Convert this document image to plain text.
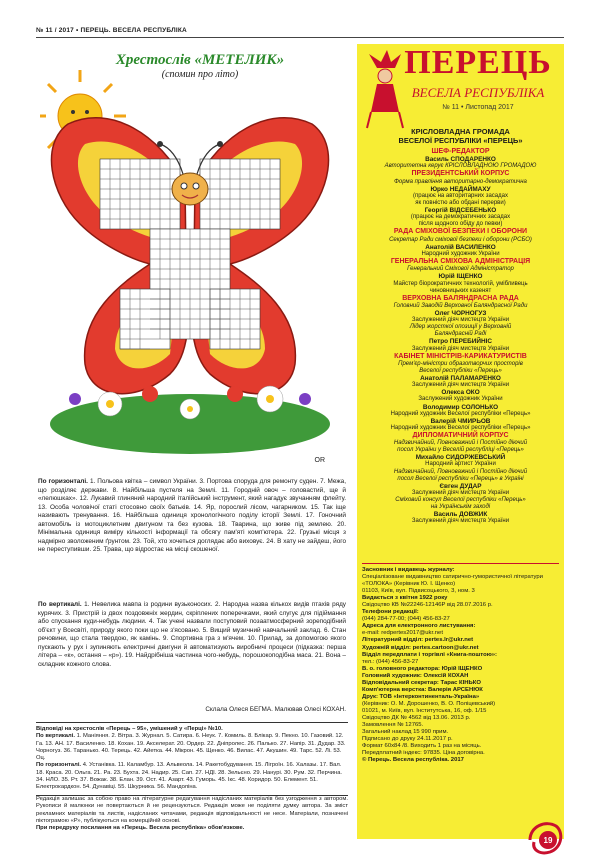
№ 11 / 2017 • ПЕРЕЦЬ. ВЕСЕЛА РЕСПУБЛІКА
OR
Хрестослів «МЕТЕЛИК»
(спомин про літо)
По горизонталі. 1. Польова квітка – символ України. 3. Портова споруда для ремонту суден. 7. Межа, що розділяє держави. 8. Найбільша пустеля на Землі. 11. Городній овоч – головастий, ще й «лелюшках». 12. Лукавий глиняний народний італійський інструмент, який нагадує звучанням флейту. 13. Особа чоловічої статі стосовно своїх батьків. 14. Яр, порослий лісом, чагарником. 15. Так іще називають тренування. 16. Найбільша одиниця хронологічного поділу історії Землі. 17. Гоночний автомобіль із мотоциклетним двигуном та без кузова. 18. Тварина, що живе під землею. 20. Мінімальна одиниця виміру кількості інформації та обсягу пам'яті комп'ютера. 22. Грузькі місця з надмірно зволоженим ґрунтом. 23. Той, хто хочеться доглядає або виховує. 24. В хату не зайдеш, його не переступивши. 25. Трава, що відростає на місці скошеної.
По вертикалі. 1. Невелика мавпа із родини вузьконосих. 2. Народна назва кількох видів птахів ряду курячих. 3. Пристрій із двох поздовжніх жердин, скріплених поперечками, який слугує для підіймання або спускання куди-небудь людини. 4. Так учені назвали поступовий позаатмосферний зореподібний об'єкт у Всесвіті, природу якого поки що не з'ясовано. 5. Вищий музичний навчальний заклад. 6. Стан речовини, що стала твердою, як камінь. 9. Спортивна гра з м'ячем. 10. Прилад, за допомогою якого пускають у рух і зупиняють електричні двигуни й автоматизують виробничі процеси (підказка: перша літера – «к», остання – «р»). 19. Найдрібніша частинка чого-небудь, порошокоподібна маса. 21. Вона – складник кожного слова.
Склала Олеся БЕГМА. Малював Олесі КОХАН.

Відповіді на хрестослів «Перець – 95», умішений у «Перці» №10.

По вертикалі. 1. Маніяння. 2. Вітра. 3. Журнал. 5. Сатира. 6. Неук. 7. Комиль. 8. Блікар. 9. Пекно. 10. Газовий. 12. Га. 13. АН. 17. Василенко. 18. Кохан. 19. Акселерат. 20. Ордер. 22. Дніпролес. 26. Палько. 27. Напір. 31. Дудар. 33. Чорногуз. 36. Таранько. 40. Терець. 42. Айетка. 44. Мікрон. 45. Щенко. 46. Вилас. 47. Акушин. 49. Тарс. 52. Лі. 53. Оц.

По горизонталі. 4. Устанівка. 11. Каламбур. 13. Альвеола. 14. Ракетобудування. 15. Лігроїн. 16. Халазы. 17. Вал. 18. Краса. 20. Ольга. 21. Ра. 23. Бухта. 24. Надир. 25. Сап. 27. НДІ. 28. Зельєно. 29. Нанурі. 30. Рум. 32. Перчина. 34. НЛО. 35. Рт. 37. Вожак. 38. Елан. 39. Ост. 41. Азарт. 43. Гуморь. 45. Ікс. 48. Коридор. 50. Елемент. 51. Електрокардкон. 54. Дунавіці. 55. Шкурника. 56. Мандоліна.

Редакція залишає за собою право на літературне редагування надісланих матеріалів без узгодження з автором. Рукописи й малюнки не повертаються й не рецензуються. Редакція може не поділяти думку автора. За зміст рекламних матеріалів та листів, надісланих читачами, редакція відповідальності не несе. Матеріали, позначені піктограмою «Р», публікуються на комерційній основі.

При передруку посилання на «Перець. Весела республіка» обов'язкове.

ПЕРЕЦЬ
ВЕСЕЛА РЕСПУБЛІКА
№ 11 • Листопад 2017
КРІСЛОВЛАДНА ГРОМАДА
ВЕСЕЛОЇ РЕСПУБЛІКИ «ПЕРЕЦЬ»

ШЕФ-РЕДАКТОР

Василь СПОДАРЕНКО

Авторитетна керує КРІСЛОВЛАДНОЮ ГРОМАДОЮ

ПРЕЗИДЕНТСЬКИЙ КОРПУС

Форма правління авторитарно-демократична

Юрко НЕДАЙМАХУ

(працює на авторитарних засадах
як повністю або обдані перерви)

Георгій ВІДСЕБЕНЬКО

(працює на демократичних засадах
після щодного обіду до певки)

РАДА СМІХОВОЇ БЕЗПЕКИ І ОБОРОНИ

Секретар Ради сміхової безпеки і оборони (РСБО)

Анатолій ВАСИЛЕНКО

Народний художник України

ГЕНЕРАЛЬНА СМІХОВА АДМІНІСТРАЦІЯ

Генеральний Сміхової Адміністратор

Юрій ІЩЕНКО

Майстер біорократичних технологій, умібливець
чиновницьких казенят

ВЕРХОВНА БАЛЯНДРАСНА РАДА

Головний Заводій Верховної Баляндрасної Ради

Олег ЧОРНОГУЗ

Заслужений діяч мистецтв України

Лідер жорсткої опозиції у Верховній
Баляндрасній Раді

Петро ПЕРЕБИЙНІС

Заслужений діяч мистецтв України

КАБІНЕТ МІНІСТРІВ-КАРИКАТУРИСТІВ

Прем'єр-міністри образотворчих просторів
Веселої республіки «Перець»

Анатолій ПАЛАМАРЕНКО

Заслужений діяч мистецтв України

Олекса ОКО

Заслужений художник України

Володимир СОЛОНЬКО

Народний художник Веселої республіки «Перець»

Валерій ЧМИРЬОВ

Народний художник Веселої республіки «Перець»

ДИПЛОМАТИЧНИЙ КОРПУС

Надзвичайний, Повноважний і Постійно діючий
посол України у Веселій республіці «Перець»

Михайло СИДОРЖЕВСЬКИЙ

Народний артист України

Надзвичайний, Повноважний і Постійно діючий
посол Веселої республіки «Перець» в Україні

Євген ДУДАР

Заслужений діяч мистецтв України

Сміховий консул Веселої республіки «Перець»
на Українськім заході

Василь ДОВЖИК

Заслужений діяч мистецтв України

Засновник і видавець журналу:

Спеціалізоване видавництво сатирично-гумористичної літератури «ТОЛОКА» (Керівник Ю. І. Щенко)

01103, Київ, вул. Підвисоцького, 3, ном. 3

Видається з квітня 1922 року

Свідоцтво КВ №22246-12146Р від 28.07.2016 р.

Телефони редакції:

(044) 284-77-00; (044) 456-83-27

Адреса для електронного листування:

e-mail: redpertes2017@ukr.net

Літературний відділ: pertes.lr@ukr.net

Художній відділ: pertes.cartoon@ukr.net

Відділ передплати і торгівлі «Книга-поштою»:

тел.: (044) 456-83-27

В. о. головного редактора: Юрій ІЩЕНКО

Головний художник: Олексій КОХАН

Відповідальний секретар: Тарас КІНЬКО

Комп'ютерна верстка: Валерія АРСЕНЮК

Друк: ТОВ «Інтерконтиненталь-Україна»

(Керівник: О. М. Дорошенко, В. О. Поліцевський)

01021, м. Київ, вул. Інститутська, 16, оф. 1/15

Свідоцтво ДК № 4562 від 13.06. 2013 р.

Замовлення № 12765.

Загальний наклад 15 990 прим.

Підписано до друку 24.11.2017 р.

Формат 60х84 /8. Виходить 1 раз на місяць.

Передплатний індекс: 97835. Ціна договірна.

© Перець. Весела республіка. 2017

19
